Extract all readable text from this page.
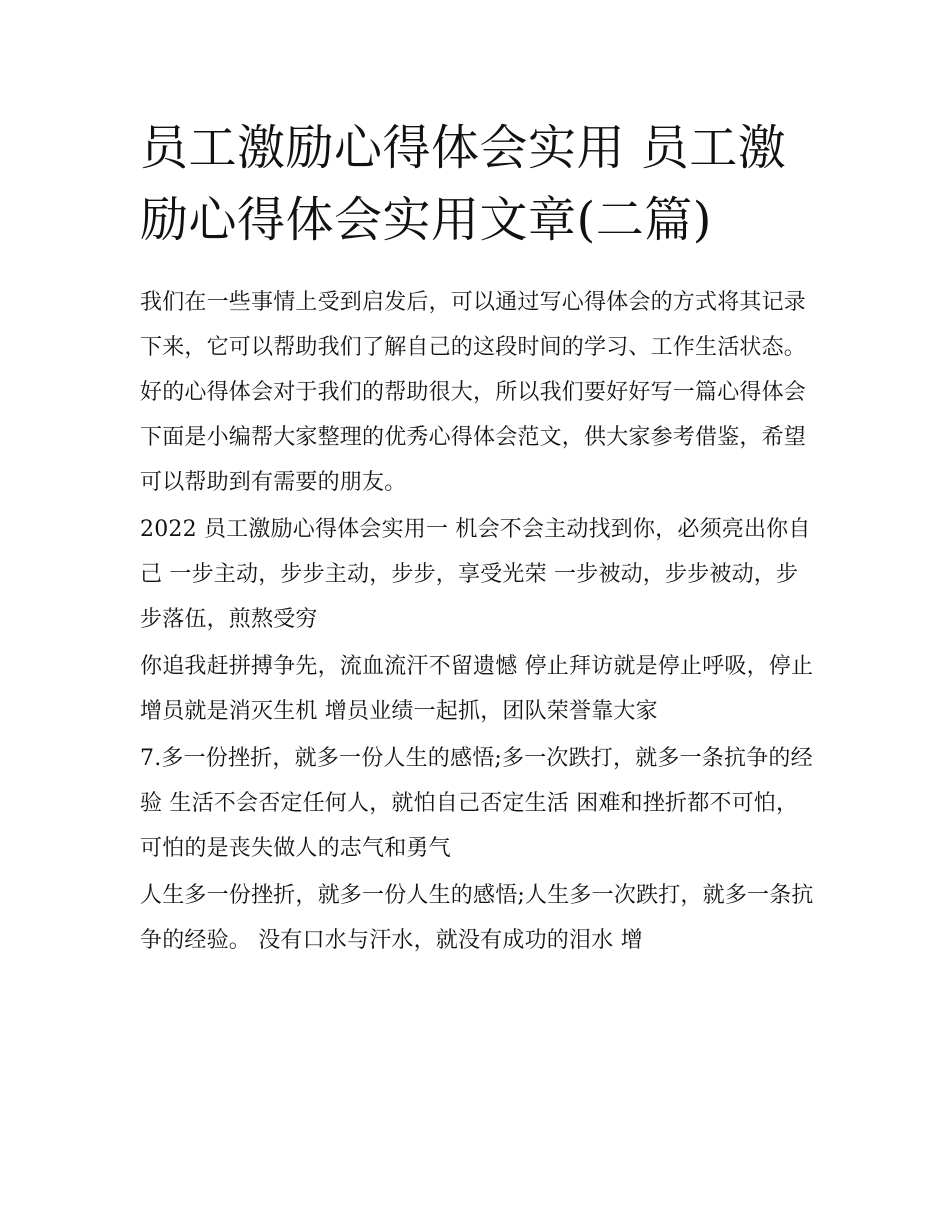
员工激励心得体会实用 员工激励心得体会实用文章(二篇)

我们在一些事情上受到启发后，可以通过写心得体会的方式将其记录下来，它可以帮助我们了解自己的这段时间的学习、工作生活状态。好的心得体会对于我们的帮助很大，所以我们要好好写一篇心得体会下面是小编帮大家整理的优秀心得体会范文，供大家参考借鉴，希望可以帮助到有需要的朋友。

2022 员工激励心得体会实用一 机会不会主动找到你，必须亮出你自己 一步主动，步步主动，步步，享受光荣 一步被动，步步被动，步步落伍，煎熬受穷

你追我赶拼搏争先，流血流汗不留遗憾 停止拜访就是停止呼吸，停止增员就是消灭生机 增员业绩一起抓，团队荣誉靠大家

7.多一份挫折，就多一份人生的感悟;多一次跌打，就多一条抗争的经验 生活不会否定任何人，就怕自己否定生活 困难和挫折都不可怕，可怕的是丧失做人的志气和勇气

人生多一份挫折，就多一份人生的感悟;人生多一次跌打，就多一条抗争的经验。 没有口水与汗水，就没有成功的泪水 增
